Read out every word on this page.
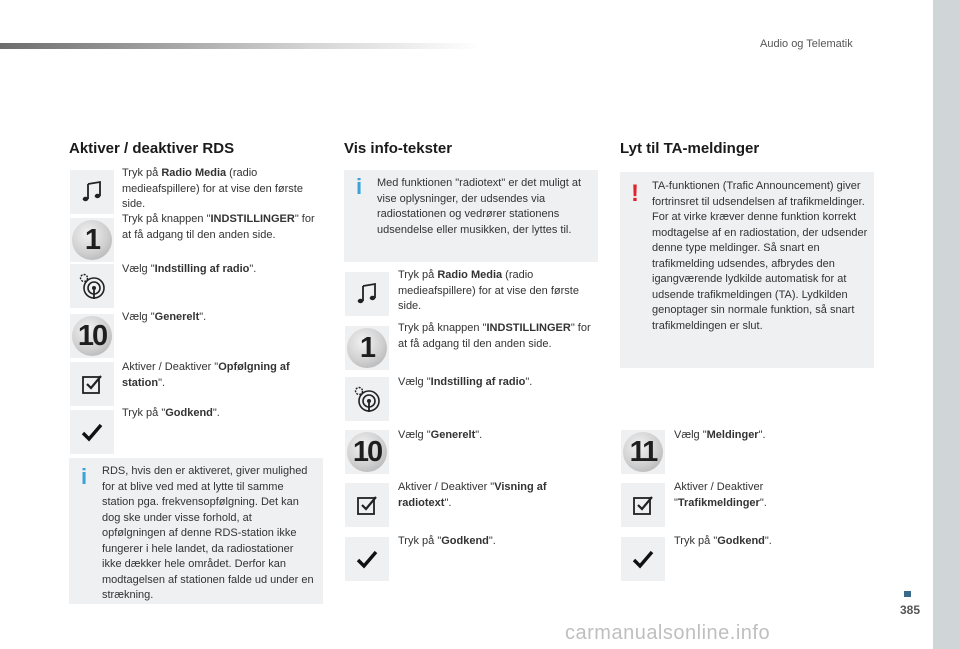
Audio og Telematik
385
carmanualsonline.info
Aktiver / deaktiver RDS
Tryk på Radio Media (radio medieafspillere) for at vise den første side.
1
Tryk på knappen "INDSTILLINGER" for at få adgang til den anden side.
Vælg "Indstilling af radio".
10
Vælg "Generelt".
Aktiver / Deaktiver "Opfølgning af station".
Tryk på "Godkend".
i RDS, hvis den er aktiveret, giver mulighed for at blive ved med at lytte til samme station pga. frekvensopfølgning. Det kan dog ske under visse forhold, at opfølgningen af denne RDS-station ikke fungerer i hele landet, da radiostationer ikke dækker hele området. Derfor kan modtagelsen af stationen falde ud under en strækning.
Vis info-tekster
i Med funktionen "radiotext" er det muligt at vise oplysninger, der udsendes via radiostationen og vedrører stationens udsendelse eller musikken, der lyttes til.
Tryk på Radio Media (radio medieafspillere) for at vise den første side.
1
Tryk på knappen "INDSTILLINGER" for at få adgang til den anden side.
Vælg "Indstilling af radio".
10
Vælg "Generelt".
Aktiver / Deaktiver "Visning af radiotext".
Tryk på "Godkend".
Lyt til TA-meldinger
! TA-funktionen (Trafic Announcement) giver fortrinsret til udsendelsen af trafikmeldinger. For at virke kræver denne funktion korrekt modtagelse af en radiostation, der udsender denne type meldinger. Så snart en trafikmelding udsendes, afbrydes den igangværende lydkilde automatisk for at udsende trafikmeldingen (TA). Lydkilden genoptager sin normale funktion, så snart trafikmeldingen er slut.
11
Vælg "Meldinger".
Aktiver / Deaktiver "Trafikmeldinger".
Tryk på "Godkend".
